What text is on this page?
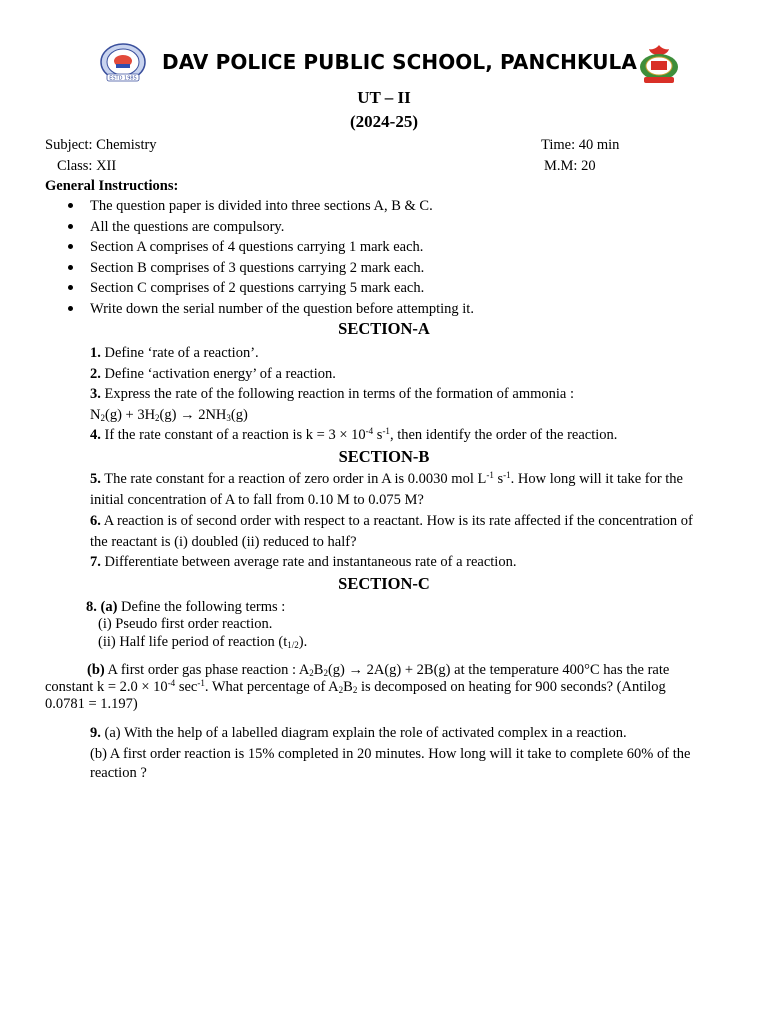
ESTD 1985
DAV POLICE PUBLIC SCHOOL, PANCHKULA
UT – II
(2024-25)
Subject: Chemistry	Time: 40 min
Class: XII	M.M: 20
General Instructions:
The question paper is divided into three sections A, B & C.
All the questions are compulsory.
Section A comprises of 4 questions carrying 1 mark each.
Section B comprises of 3 questions carrying 2 mark each.
Section C comprises of 2 questions carrying 5 mark each.
Write down the serial number of the question before attempting it.
SECTION-A
1. Define ‘rate of a reaction’.
2. Define ‘activation energy’ of a reaction.
3. Express the rate of the following reaction in terms of the formation of ammonia :
$N_2(g) + 3H_2(g) \to 2NH_3(g)$
4. If the rate constant of a reaction is $k = 3 \times 10^{-4}$ $s^{-1}$, then identify the order of the reaction.
SECTION-B
5. The rate constant for a reaction of zero order in A is 0.0030 mol $L^{-1}$ $s^{-1}$. How long will it take for the
initial concentration of A to fall from 0.10 M to 0.075 M?
6. A reaction is of second order with respect to a reactant. How is its rate affected if the concentration of
the reactant is (i) doubled (ii) reduced to half?
7. Differentiate between average rate and instantaneous rate of a reaction.
SECTION-C
8. (a) Define the following terms :
(i) Pseudo first order reaction.
(ii) Half life period of reaction $(t_{1/2})$.
(b) A first order gas phase reaction : $A_2B_2(g) \to 2A(g) + 2B(g)$ at the temperature 400°C has the rate
constant $k = 2.0 \times 10^{-4}$ $\sec^{-1}$. What percentage of $A_2B_2$ is decomposed on heating for 900 seconds? (Antilog
0.0781 = 1.197)
9. (a) With the help of a labelled diagram explain the role of activated complex in a reaction.
(b) A first order reaction is 15% completed in 20 minutes. How long will it take to complete 60% of the
reaction ?
